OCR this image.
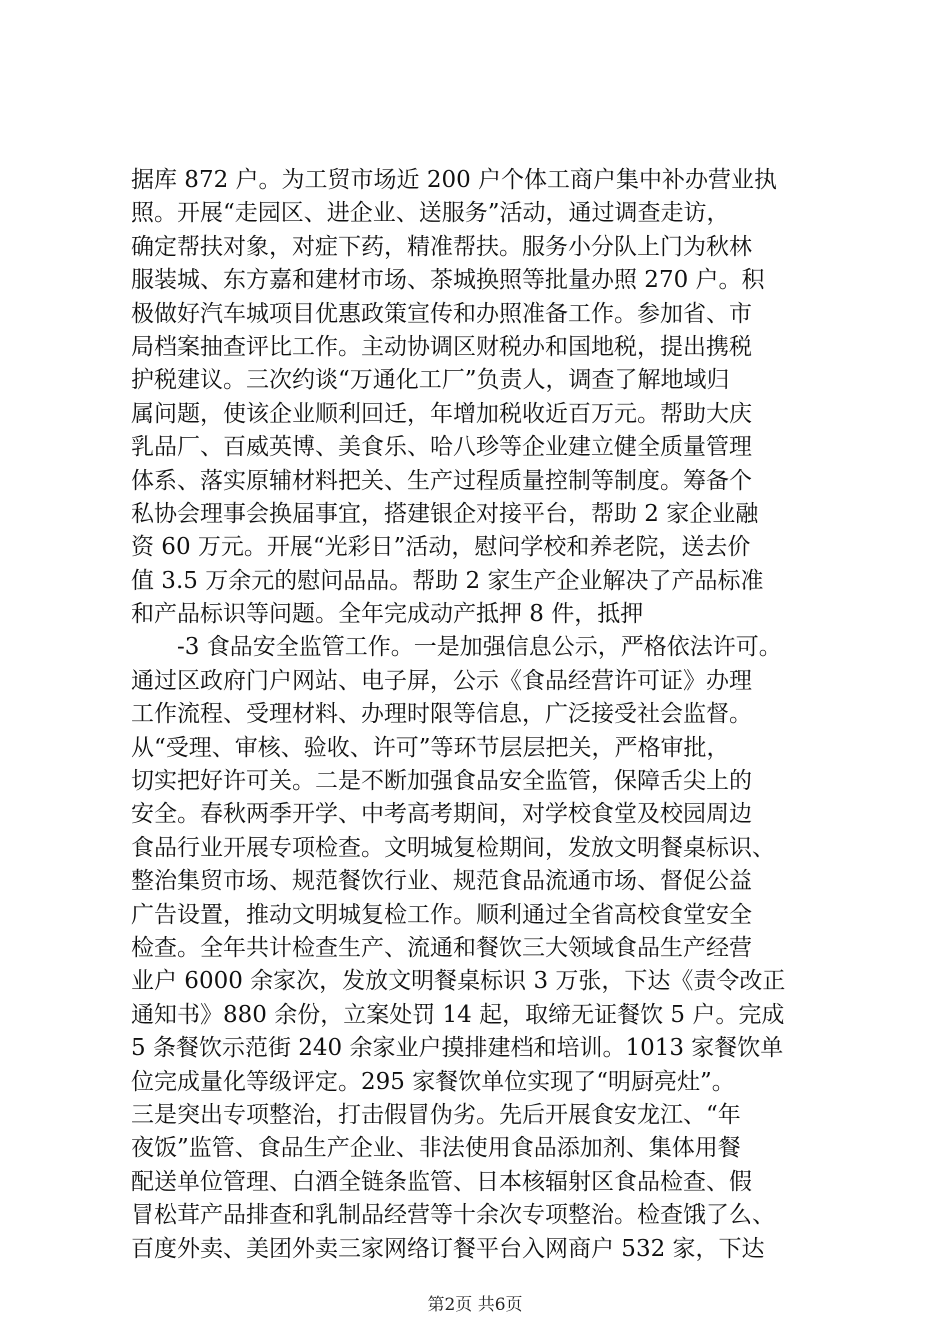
据库 872 户。为工贸市场近 200 户个体工商户集中补办营业执
照。开展“走园区、进企业、送服务”活动，通过调查走访，
确定帮扶对象，对症下药，精准帮扶。服务小分队上门为秋林
服装城、东方嘉和建材市场、茶城换照等批量办照 270 户。积
极做好汽车城项目优惠政策宣传和办照准备工作。参加省、市
局档案抽查评比工作。主动协调区财税办和国地税，提出携税
护税建议。三次约谈“万通化工厂”负责人，调查了解地域归
属问题，使该企业顺利回迁，年增加税收近百万元。帮助大庆
乳品厂、百威英博、美食乐、哈八珍等企业建立健全质量管理
体系、落实原辅材料把关、生产过程质量控制等制度。筹备个
私协会理事会换届事宜，搭建银企对接平台，帮助 2 家企业融
资 60 万元。开展“光彩日”活动，慰问学校和养老院，送去价
值 3.5 万余元的慰问品品。帮助 2 家生产企业解决了产品标准
和产品标识等问题。全年完成动产抵押 8 件，抵押
-3 食品安全监管工作。一是加强信息公示，严格依法许可。
通过区政府门户网站、电子屏，公示《食品经营许可证》办理
工作流程、受理材料、办理时限等信息，广泛接受社会监督。
从“受理、审核、验收、许可”等环节层层把关，严格审批，
切实把好许可关。二是不断加强食品安全监管，保障舌尖上的
安全。春秋两季开学、中考高考期间，对学校食堂及校园周边
食品行业开展专项检查。文明城复检期间，发放文明餐桌标识、
整治集贸市场、规范餐饮行业、规范食品流通市场、督促公益
广告设置，推动文明城复检工作。顺利通过全省高校食堂安全
检查。全年共计检查生产、流通和餐饮三大领域食品生产经营
业户 6000 余家次，发放文明餐桌标识 3 万张，下达《责令改正
通知书》880 余份，立案处罚 14 起，取缔无证餐饮 5 户。完成
5 条餐饮示范街 240 余家业户摸排建档和培训。1013 家餐饮单
位完成量化等级评定。295 家餐饮单位实现了“明厨亮灶”。
三是突出专项整治，打击假冒伪劣。先后开展食安龙江、“年
夜饭”监管、食品生产企业、非法使用食品添加剂、集体用餐
配送单位管理、白酒全链条监管、日本核辐射区食品检查、假
冒松茸产品排查和乳制品经营等十余次专项整治。检查饿了么、
百度外卖、美团外卖三家网络订餐平台入网商户 532 家，下达
第2页 共6页
